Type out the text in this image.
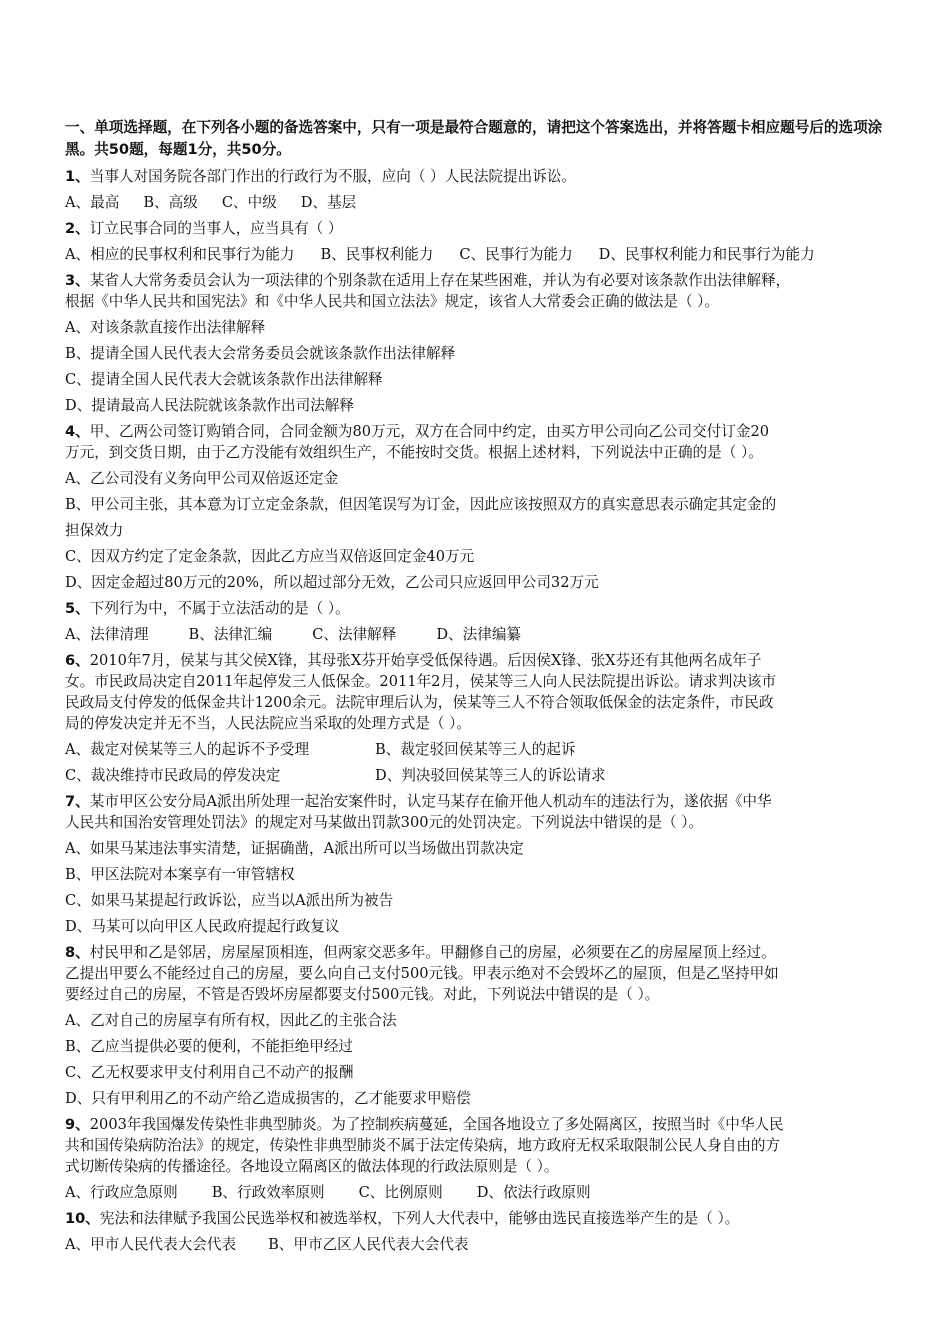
一、单项选择题，在下列各小题的备选答案中，只有一项是最符合题意的，请把这个答案选出，并将答题卡相应题号后的选项涂黑。共50题，每题1分，共50分。
1、当事人对国务院各部门作出的行政行为不服，应向（ ）人民法院提出诉讼。
A、最高 B、高级 C、中级 D、基层
2、订立民事合同的当事人，应当具有（ ）
A、相应的民事权利和民事行为能力 B、民事权利能力 C、民事行为能力 D、民事权利能力和民事行为能力
3、某省人大常务委员会认为一项法律的个别条款在适用上存在某些困难，并认为有必要对该条款作出法律解释，
根据《中华人民共和国宪法》和《中华人民共和国立法法》规定，该省人大常委会正确的做法是（ ）。
A、对该条款直接作出法律解释
B、提请全国人民代表大会常务委员会就该条款作出法律解释
C、提请全国人民代表大会就该条款作出法律解释
D、提请最高人民法院就该条款作出司法解释
4、甲、乙两公司签订购销合同，合同金额为80万元，双方在合同中约定，由买方甲公司向乙公司交付订金20
万元，到交货日期，由于乙方没能有效组织生产，不能按时交货。根据上述材料，下列说法中正确的是（ ）。
A、乙公司没有义务向甲公司双倍返还定金
B、甲公司主张，其本意为订立定金条款，但因笔误写为订金，因此应该按照双方的真实意思表示确定其定金的
担保效力
C、因双方约定了定金条款，因此乙方应当双倍返回定金40万元
D、因定金超过80万元的20%，所以超过部分无效，乙公司只应返回甲公司32万元
5、下列行为中，不属于立法活动的是（ ）。
A、法律清理	B、法律汇编	C、法律解释	D、法律编纂
6、2010年7月，侯某与其父侯X锋，其母张X芬开始享受低保待遇。后因侯X锋、张X芬还有其他两名成年子
女。市民政局决定自2011年起停发三人低保金。2011年2月，侯某等三人向人民法院提出诉讼。请求判决该市
民政局支付停发的低保金共计1200余元。法院审理后认为，侯某等三人不符合领取低保金的法定条件，市民政
局的停发决定并无不当，人民法院应当采取的处理方式是（ ）。
A、裁定对侯某等三人的起诉不予受理	B、裁定驳回侯某等三人的起诉
C、裁决维持市民政局的停发决定	D、判决驳回侯某等三人的诉讼请求
7、某市甲区公安分局A派出所处理一起治安案件时，认定马某存在偷开他人机动车的违法行为，遂依据《中华
人民共和国治安管理处罚法》的规定对马某做出罚款300元的处罚决定。下列说法中错误的是（ ）。
A、如果马某违法事实清楚，证据确凿，A派出所可以当场做出罚款决定
B、甲区法院对本案享有一审管辖权
C、如果马某提起行政诉讼，应当以A派出所为被告
D、马某可以向甲区人民政府提起行政复议
8、村民甲和乙是邻居，房屋屋顶相连，但两家交恶多年。甲翻修自己的房屋，必须要在乙的房屋屋顶上经过。
乙提出甲要么不能经过自己的房屋，要么向自己支付500元钱。甲表示绝对不会毁坏乙的屋顶，但是乙坚持甲如
要经过自己的房屋，不管是否毁坏房屋都要支付500元钱。对此，下列说法中错误的是（ ）。
A、乙对自己的房屋享有所有权，因此乙的主张合法
B、乙应当提供必要的便利，不能拒绝甲经过
C、乙无权要求甲支付利用自己不动产的报酬
D、只有甲利用乙的不动产给乙造成损害的，乙才能要求甲赔偿
9、2003年我国爆发传染性非典型肺炎。为了控制疾病蔓延，全国各地设立了多处隔离区，按照当时《中华人民
共和国传染病防治法》的规定，传染性非典型肺炎不属于法定传染病，地方政府无权采取限制公民人身自由的方
式切断传染病的传播途径。各地设立隔离区的做法体现的行政法原则是（ ）。
A、行政应急原则 B、行政效率原则 C、比例原则 D、依法行政原则
10、宪法和法律赋予我国公民选举权和被选举权，下列人大代表中，能够由选民直接选举产生的是（ ）。
A、甲市人民代表大会代表 B、甲市乙区人民代表大会代表
